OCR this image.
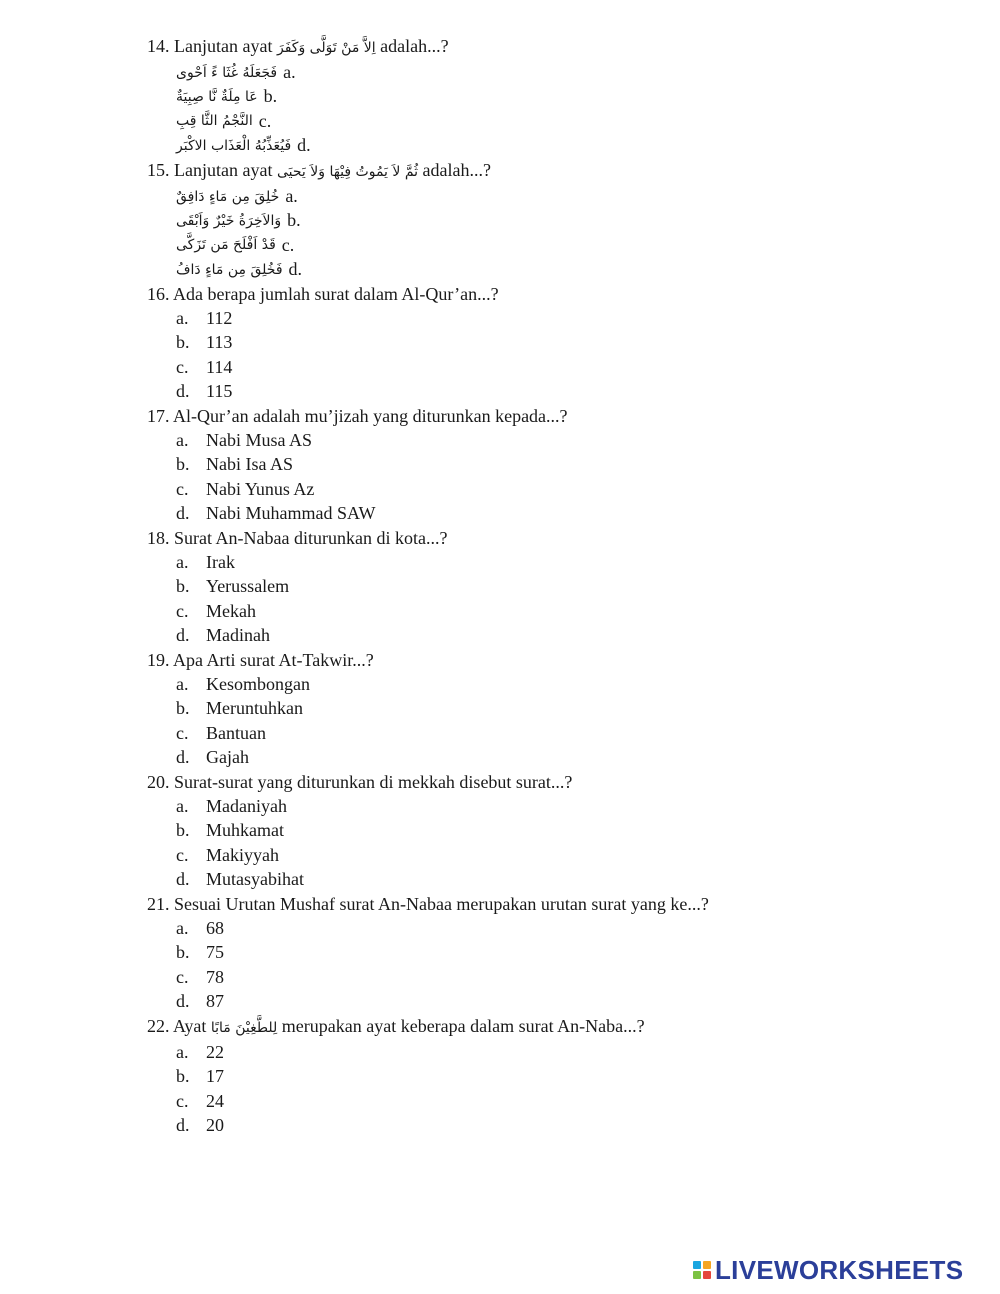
14. Lanjutan ayat اِلاَّ مَنْ تَوَلَّى وَكَفَرَ adalah...?
a.
فَجَعَلَهُ غُثَا ءً اَحْوى
b.
عَا مِلَةٌ نَّا صِبِيَةٌ
c.
النَّجْمُ الثَّا قِبِ
d.
فَيُعَذِّبُهُ الْعَذَاب الاكْبَر
15. Lanjutan ayat ثُمَّ لاَ يَمُوتُ فِيْهَا وَلاَ يَحيَى adalah...?
a.
خُلِقَ مِن مَاءٍ دَافِقٌ
b.
وَالاَخِرَةُ خَيْرٌ وَاَبْقَى
c.
قَدْ اَفْلَحَ مَن تَزَكَّى
d.
فَخُلِقَ مِن مَاءٍ دَافُ
16. Ada berapa jumlah surat dalam Al-Qur’an...?
a. 112
b. 113
c. 114
d. 115
17. Al-Qur’an adalah mu’jizah yang diturunkan kepada...?
a. Nabi Musa AS
b. Nabi Isa AS
c. Nabi Yunus Az
d. Nabi Muhammad SAW
18. Surat An-Nabaa diturunkan di kota...?
a. Irak
b. Yerussalem
c. Mekah
d. Madinah
19. Apa Arti surat At-Takwir...?
a. Kesombongan
b. Meruntuhkan
c. Bantuan
d. Gajah
20. Surat-surat yang diturunkan di mekkah disebut surat...?
a. Madaniyah
b. Muhkamat
c. Makiyyah
d. Mutasyabihat
21. Sesuai Urutan Mushaf surat An-Nabaa merupakan urutan surat yang ke...?
a. 68
b. 75
c. 78
d. 87
22. Ayat لِلطَّغِيْنَ مَابًا merupakan ayat keberapa dalam surat An-Naba...?
a. 22
b. 17
c. 24
d. 20
LIVEWORKSHEETS
